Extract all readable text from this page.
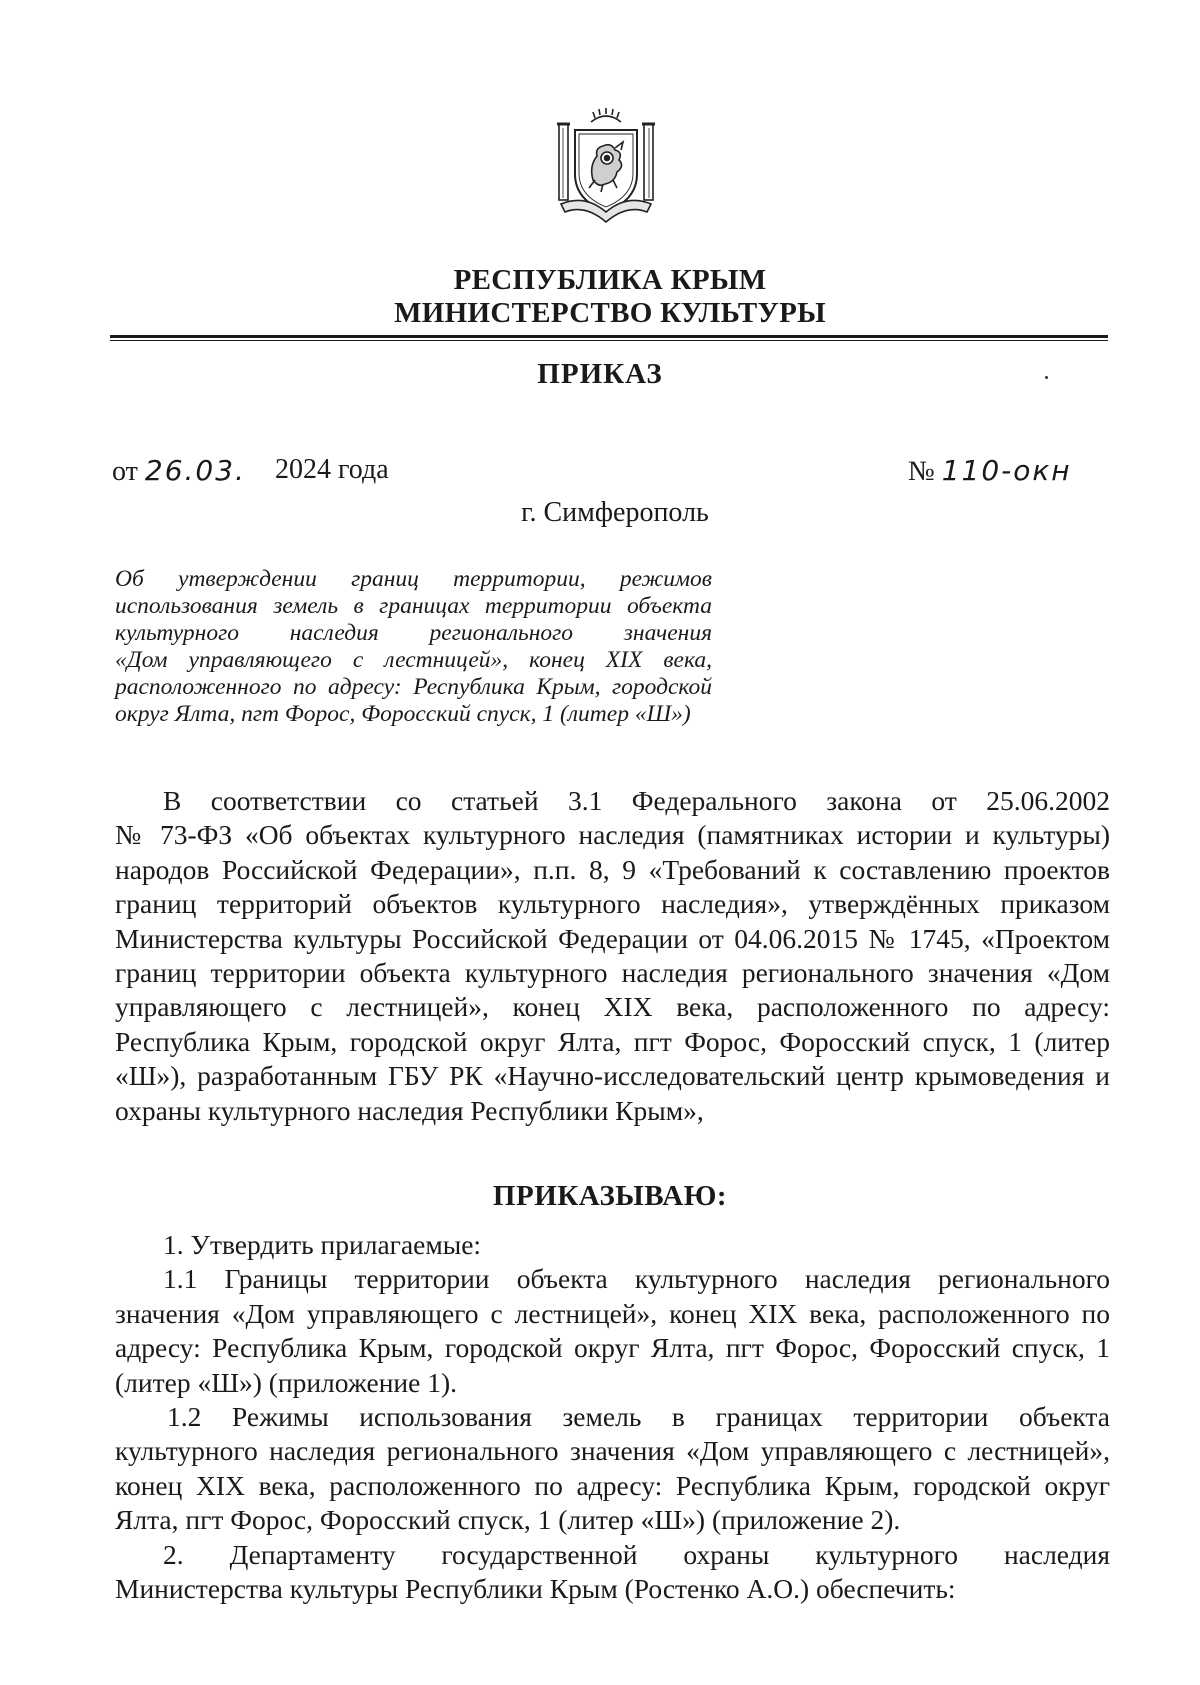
РЕСПУБЛИКА КРЫМ
МИНИСТЕРСТВО КУЛЬТУРЫ
ПРИКАЗ
от 26.03. 2024 года	№ 110-окн
г. Симферополь
Об утверждении границ территории, режимов
использования земель в границах территории объекта
культурного наследия регионального значения
«Дом управляющего с лестницей», конец XIX века,
расположенного по адресу: Республика Крым, городской
округ Ялта, пгт Форос, Форосский спуск, 1 (литер «Ш»)
В соответствии со статьей 3.1 Федерального закона от 25.06.2002
№ 73-ФЗ «Об объектах культурного наследия (памятниках истории и культуры)
народов Российской Федерации», п.п. 8, 9 «Требований к составлению проектов
границ территорий объектов культурного наследия», утверждённых приказом
Министерства культуры Российской Федерации от 04.06.2015 № 1745, «Проектом
границ территории объекта культурного наследия регионального значения «Дом
управляющего с лестницей», конец XIX века, расположенного по адресу:
Республика Крым, городской округ Ялта, пгт Форос, Форосский спуск, 1 (литер
«Ш»), разработанным ГБУ РК «Научно-исследовательский центр крымоведения и
охраны культурного наследия Республики Крым»,
ПРИКАЗЫВАЮ:
1. Утвердить прилагаемые:
1.1 Границы территории объекта культурного наследия регионального
значения «Дом управляющего с лестницей», конец XIX века, расположенного по
адресу: Республика Крым, городской округ Ялта, пгт Форос, Форосский спуск, 1
(литер «Ш») (приложение 1).
1.2 Режимы использования земель в границах территории объекта
культурного наследия регионального значения «Дом управляющего с лестницей»,
конец XIX века, расположенного по адресу: Республика Крым, городской округ
Ялта, пгт Форос, Форосский спуск, 1 (литер «Ш») (приложение 2).
2. Департаменту государственной охраны культурного наследия
Министерства культуры Республики Крым (Ростенко А.О.) обеспечить:
